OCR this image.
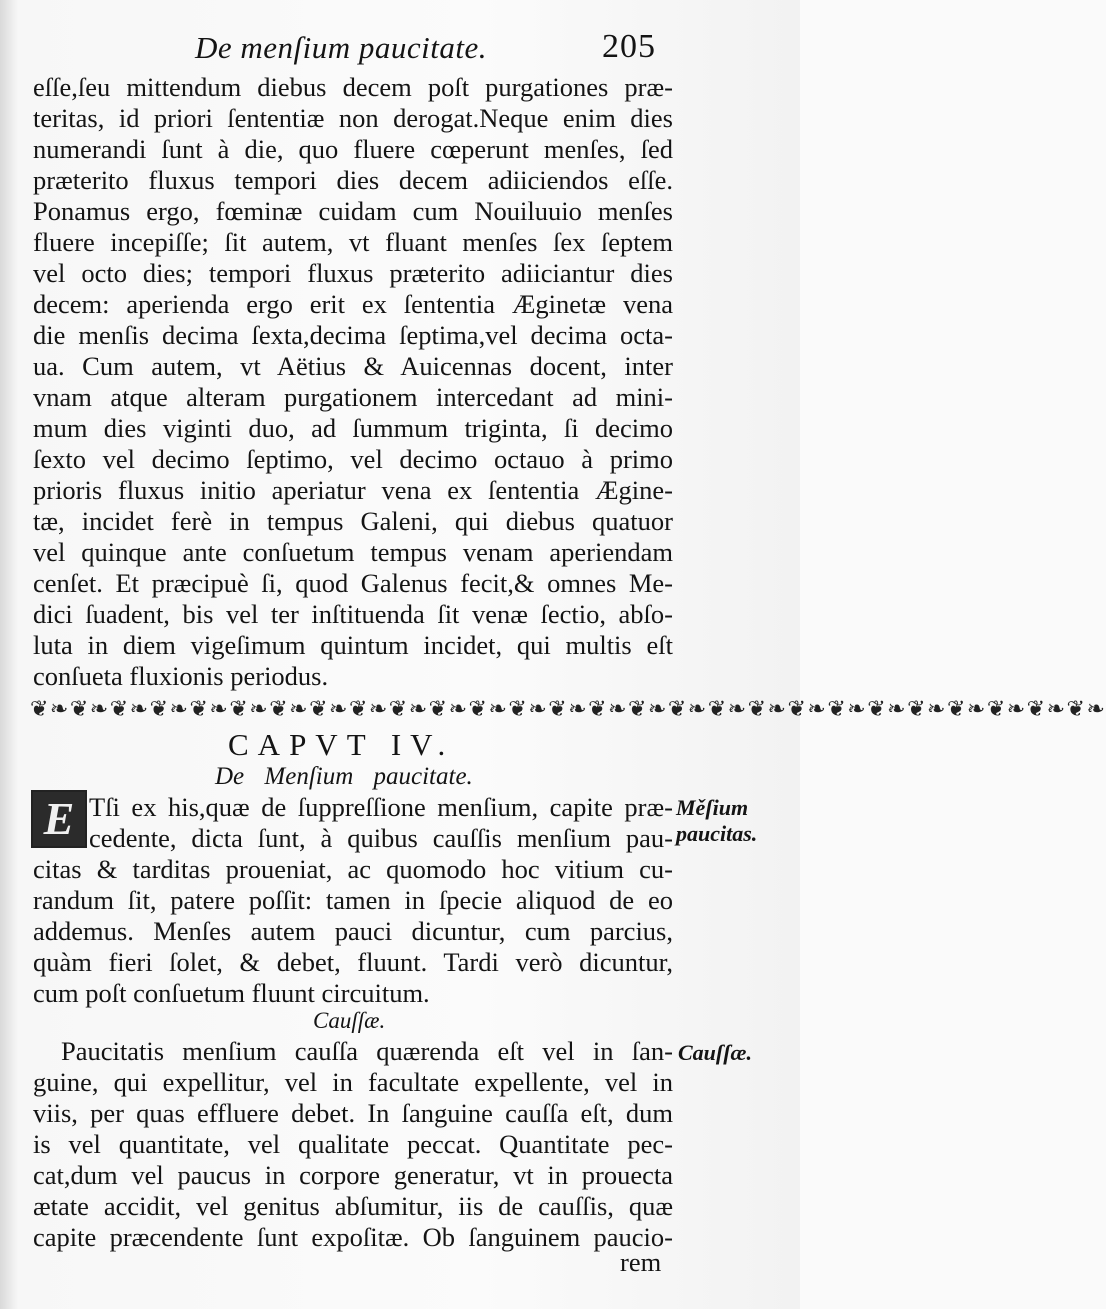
De menſium paucitate.	205
eſſe,ſeu mittendum diebus decem poſt purgationes præ-
teritas, id priori ſententiæ non derogat.Neque enim dies
numerandi ſunt à die, quo fluere cœperunt menſes, ſed
præterito fluxus tempori dies decem adiiciendos eſſe.
Ponamus ergo, fœminæ cuidam cum Nouiluuio menſes
fluere incepiſſe; ſit autem, vt fluant menſes ſex ſeptem
vel octo dies; tempori fluxus præterito adiiciantur dies
decem: aperienda ergo erit ex ſententia Æginetæ vena
die menſis decima ſexta,decima ſeptima,vel decima octa-
ua. Cum autem, vt Aëtius & Auicennas docent, inter
vnam atque alteram purgationem intercedant ad mini-
mum dies viginti duo, ad ſummum triginta, ſi decimo
ſexto vel decimo ſeptimo, vel decimo octauo à primo
prioris fluxus initio aperiatur vena ex ſententia Ægine-
tæ, incidet ferè in tempus Galeni, qui diebus quatuor
vel quinque ante conſuetum tempus venam aperiendam
cenſet. Et præcipuè ſi, quod Galenus fecit,& omnes Me-
dici ſuadent, bis vel ter inſtituenda ſit venæ ſectio, abſo-
luta in diem vigeſimum quintum incidet, qui multis eſt
conſueta fluxionis periodus.
❦❧❦❧❦❧❦❧❦❧❦❧❦❧❦❧❦❧❦❧❦❧❦❧❦❧❦❧❦❧❦❧❦❧❦❧❦❧❦❧❦❧❦❧❦❧❦❧❦❧❦❧❦❧
CAPVT IV.
De Menſium paucitate.
E Tſi ex his,quæ de ſuppreſſione menſium, capite præ-
cedente, dicta ſunt, à quibus cauſſis menſium pau-
citas & tarditas proueniat, ac quomodo hoc vitium cu-
randum ſit, patere poſſit: tamen in ſpecie aliquod de eo
addemus. Menſes autem pauci dicuntur, cum parcius,
quàm fieri ſolet, & debet, fluunt. Tardi verò dicuntur,
cum poſt conſuetum fluunt circuitum.
Cauſſæ.
Paucitatis menſium cauſſa quærenda eſt vel in ſan-
guine, qui expellitur, vel in facultate expellente, vel in
viis, per quas effluere debet. In ſanguine cauſſa eſt, dum
is vel quantitate, vel qualitate peccat. Quantitate pec-
cat,dum vel paucus in corpore generatur, vt in prouecta
ætate accidit, vel genitus abſumitur, iis de cauſſis, quæ
capite præcendente ſunt expoſitæ. Ob ſanguinem paucio-
rem
Měſium
paucitas.
Cauſſæ.
